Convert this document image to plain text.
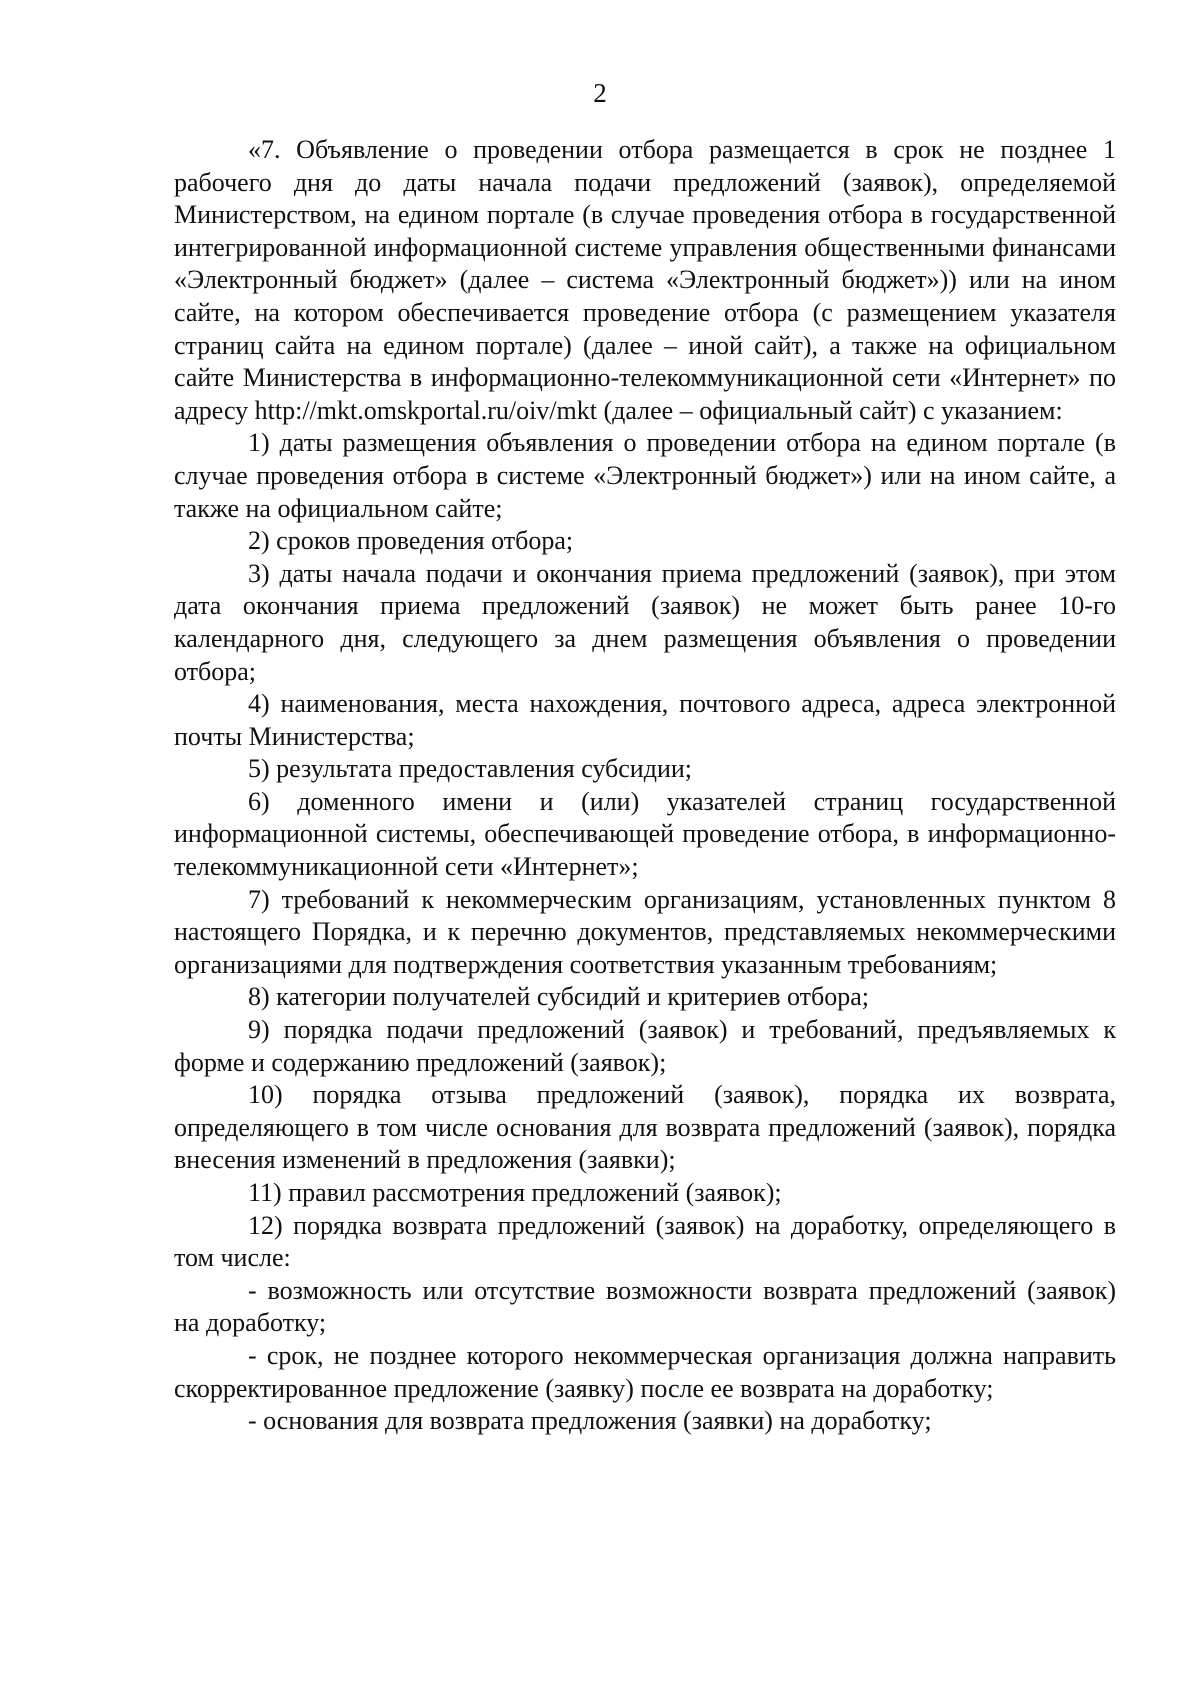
2

«7. Объявление о проведении отбора размещается в срок не позднее 1 рабочего дня до даты начала подачи предложений (заявок), определяемой Министерством, на едином портале (в случае проведения отбора в государственной интегрированной информационной системе управления общественными финансами «Электронный бюджет» (далее – система «Электронный бюджет»)) или на ином сайте, на котором обеспечивается проведение отбора (с размещением указателя страниц сайта на едином портале) (далее – иной сайт), а также на официальном сайте Министерства в информационно-телекоммуникационной сети «Интернет» по адресу http://mkt.omskportal.ru/oiv/mkt (далее – официальный сайт) с указанием:

1) даты размещения объявления о проведении отбора на едином портале (в случае проведения отбора в системе «Электронный бюджет») или на ином сайте, а также на официальном сайте;

2) сроков проведения отбора;

3) даты начала подачи и окончания приема предложений (заявок), при этом дата окончания приема предложений (заявок) не может быть ранее 10-го календарного дня, следующего за днем размещения объявления о проведении отбора;

4) наименования, места нахождения, почтового адреса, адреса электронной почты Министерства;

5) результата предоставления субсидии;

6) доменного имени и (или) указателей страниц государственной информационной системы, обеспечивающей проведение отбора, в информационно-телекоммуникационной сети «Интернет»;

7) требований к некоммерческим организациям, установленных пунктом 8 настоящего Порядка, и к перечню документов, представляемых некоммерческими организациями для подтверждения соответствия указанным требованиям;

8) категории получателей субсидий и критериев отбора;

9) порядка подачи предложений (заявок) и требований, предъявляемых к форме и содержанию предложений (заявок);

10) порядка отзыва предложений (заявок), порядка их возврата, определяющего в том числе основания для возврата предложений (заявок), порядка внесения изменений в предложения (заявки);

11) правил рассмотрения предложений (заявок);

12) порядка возврата предложений (заявок) на доработку, определяющего в том числе:

- возможность или отсутствие возможности возврата предложений (заявок) на доработку;

- срок, не позднее которого некоммерческая организация должна направить скорректированное предложение (заявку) после ее возврата на доработку;

- основания для возврата предложения (заявки) на доработку;
